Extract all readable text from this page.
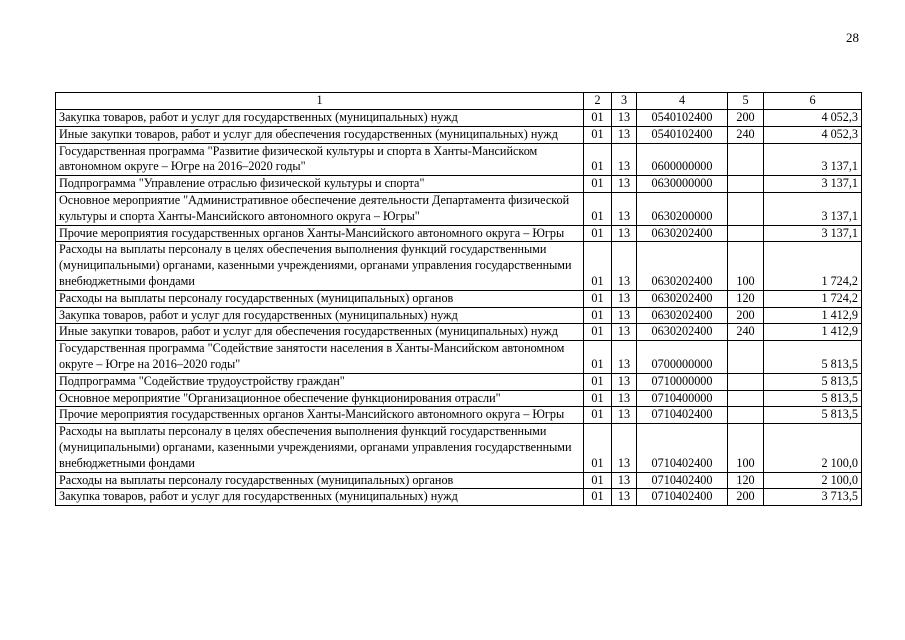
28
1	2	3	4	5	6
Закупка товаров, работ и услуг для государственных (муниципальных) нужд	01	13	0540102400	200	4 052,3
Иные закупки товаров, работ и услуг для обеспечения государственных (муниципальных) нужд	01	13	0540102400	240	4 052,3
Государственная программа "Развитие физической культуры и спорта в Ханты-Мансийском автономном округе – Югре на 2016–2020 годы"	01	13	0600000000		3 137,1
Подпрограмма "Управление отраслью физической культуры и спорта"	01	13	0630000000		3 137,1
Основное мероприятие "Административное обеспечение деятельности Департамента физической культуры и спорта Ханты-Мансийского автономного округа – Югры"	01	13	0630200000		3 137,1
Прочие мероприятия государственных органов Ханты-Мансийского автономного округа – Югры	01	13	0630202400		3 137,1
Расходы на выплаты персоналу в целях обеспечения выполнения функций государственными (муниципальными) органами, казенными учреждениями, органами управления государственными внебюджетными фондами	01	13	0630202400	100	1 724,2
Расходы на выплаты персоналу государственных (муниципальных) органов	01	13	0630202400	120	1 724,2
Закупка товаров, работ и услуг для государственных (муниципальных) нужд	01	13	0630202400	200	1 412,9
Иные закупки товаров, работ и услуг для обеспечения государственных (муниципальных) нужд	01	13	0630202400	240	1 412,9
Государственная программа "Содействие занятости населения в Ханты-Мансийском автономном округе – Югре на 2016–2020 годы"	01	13	0700000000		5 813,5
Подпрограмма "Содействие трудоустройству граждан"	01	13	0710000000		5 813,5
Основное мероприятие "Организационное обеспечение функционирования отрасли"	01	13	0710400000		5 813,5
Прочие мероприятия государственных органов Ханты-Мансийского автономного округа – Югры	01	13	0710402400		5 813,5
Расходы на выплаты персоналу в целях обеспечения выполнения функций государственными (муниципальными) органами, казенными учреждениями, органами управления государственными внебюджетными фондами	01	13	0710402400	100	2 100,0
Расходы на выплаты персоналу государственных (муниципальных) органов	01	13	0710402400	120	2 100,0
Закупка товаров, работ и услуг для государственных (муниципальных) нужд	01	13	0710402400	200	3 713,5
